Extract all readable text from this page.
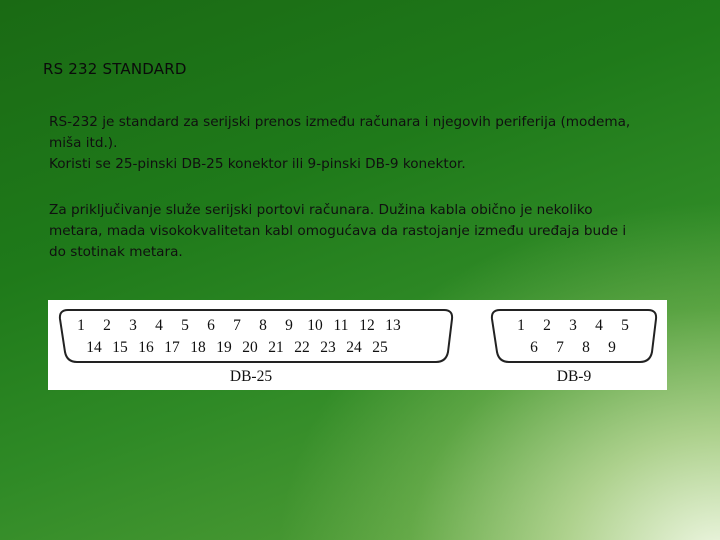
RS 232 STANDARD
RS-232 je standard za serijski prenos između računara i njegovih periferija (modema,
miša itd.).
Koristi se 25-pinski DB-25 konektor ili 9-pinski DB-9 konektor.
Za priključivanje služe serijski portovi računara. Dužina kabla obično je nekoliko
metara, mada visokokvalitetan kabl omogućava da rastojanje između uređaja bude i
do stotinak metara.
1 2 3 4 5 6 7 8 9 10 11 12 13
14 15 16 17 18 19 20 21 22 23 24 25
1 2 3 4 5
6 7 8 9
DB-25	DB-9
